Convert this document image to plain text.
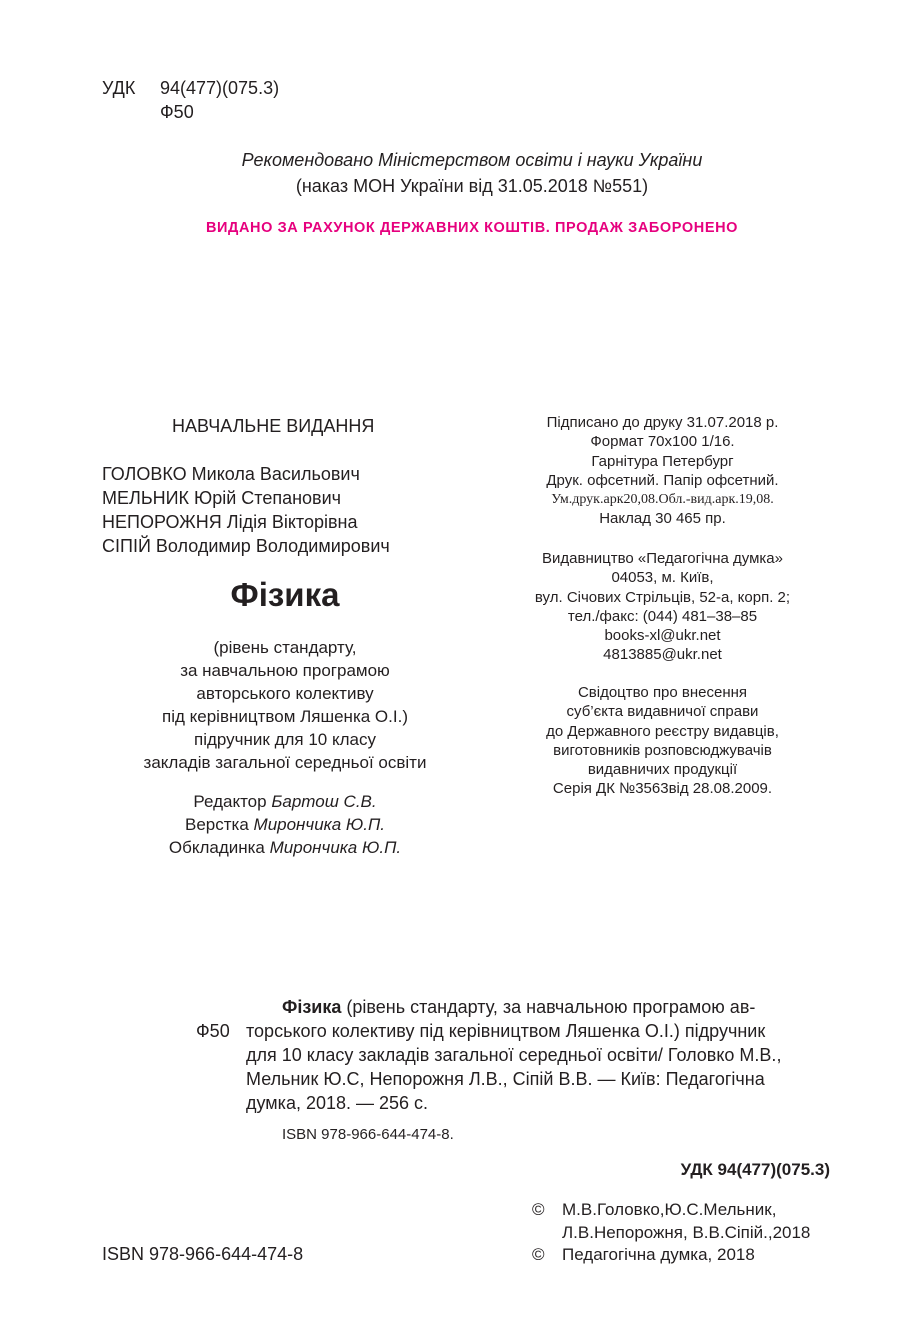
УДК 94(477)(075.3)
Ф50
Рекомендовано Міністерством освіти і науки України
(наказ МОН України від 31.05.2018 №551)
ВИДАНО ЗА РАХУНОК ДЕРЖАВНИХ КОШТІВ. ПРОДАЖ ЗАБОРОНЕНО
НАВЧАЛЬНЕ ВИДАННЯ
ГОЛОВКО Микола Васильович
МЕЛЬНИК Юрій Степанович
НЕПОРОЖНЯ Лідія Вікторівна
СІПІЙ Володимир Володимирович
Фізика
(рівень стандарту,
за навчальною програмою
авторського колективу
під керівництвом Ляшенка О.І.)
підручник для 10 класу
закладів загальної середньої освіти
Редактор Бартош С.В.
Верстка Мирончика Ю.П.
Обкладинка Мирончика Ю.П.
Підписано до друку 31.07.2018 р.
Формат 70x100 1/16.
Гарнітура Петербург
Друк. офсетний. Папір офсетний.
Ум.друк.арк20,08.Обл.-вид.арк.19,08.
Наклад 30 465 пр.
Видавництво «Педагогічна думка»
04053, м. Київ,
вул. Січових Стрільців, 52-а, корп. 2;
тел./факс: (044) 481–38–85
books-xl@ukr.net
4813885@ukr.net
Свідоцтво про внесення
суб’єкта видавничої справи
до Державного реєстру видавців,
виготовників розповсюджувачів
видавничих продукції
Серія ДК №3563від 28.08.2009.
Ф50
Фізика (рівень стандарту, за навчальною програмою ав-
торського колективу під керівництвом Ляшенка О.І.) підручник
для 10 класу закладів загальної середньої освіти/ Головко М.В.,
Мельник Ю.С, Непорожня Л.В., Сіпій В.В. — Київ: Педагогічна
думка, 2018. — 256 с.
ISBN 978-966-644-474-8.
УДК 94(477)(075.3)
© М.В.Головко,Ю.С.Мельник,
Л.В.Непорожня, В.В.Сіпій.,2018
© Педагогічна думка, 2018
ISBN 978-966-644-474-8
